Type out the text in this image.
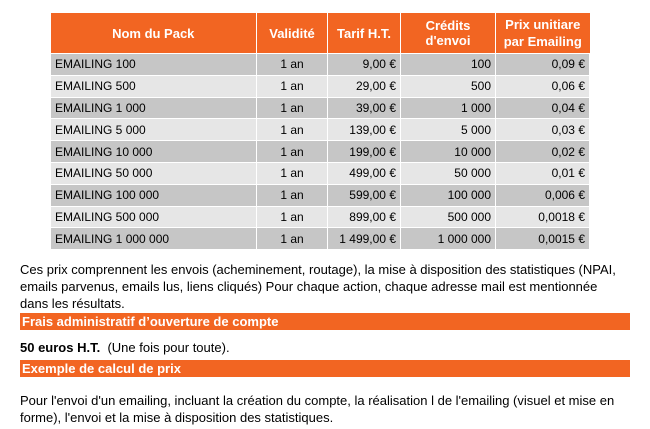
Nom du Pack	Validité	Tarif H.T.	Crédits d'envoi	Prix unitiare
par Emailing

EMAILING 100	1 an	9,00 €	100	0,09 €
EMAILING 500	1 an	29,00 €	500	0,06 €
EMAILING 1 000	1 an	39,00 €	1 000	0,04 €
EMAILING 5 000	1 an	139,00 €	5 000	0,03 €
EMAILING 10 000	1 an	199,00 €	10 000	0,02 €
EMAILING 50 000	1 an	499,00 €	50 000	0,01 €
EMAILING 100 000	1 an	599,00 €	100 000	0,006 €
EMAILING 500 000	1 an	899,00 €	500 000	0,0018 €
EMAILING 1 000 000	1 an	1 499,00 €	1 000 000	0,0015 €
Ces prix comprennent les envois (acheminement, routage), la mise à disposition des statistiques (NPAI, emails parvenus, emails lus, liens cliqués) Pour chaque action, chaque adresse mail est mentionnée dans les résultats.
Frais administratif d’ouverture de compte
50 euros H.T. (Une fois pour toute).
Exemple de calcul de prix
Pour l'envoi d'un emailing, incluant la création du compte, la réalisation l de l'emailing (visuel et mise en forme), l'envoi et la mise à disposition des statistiques.
